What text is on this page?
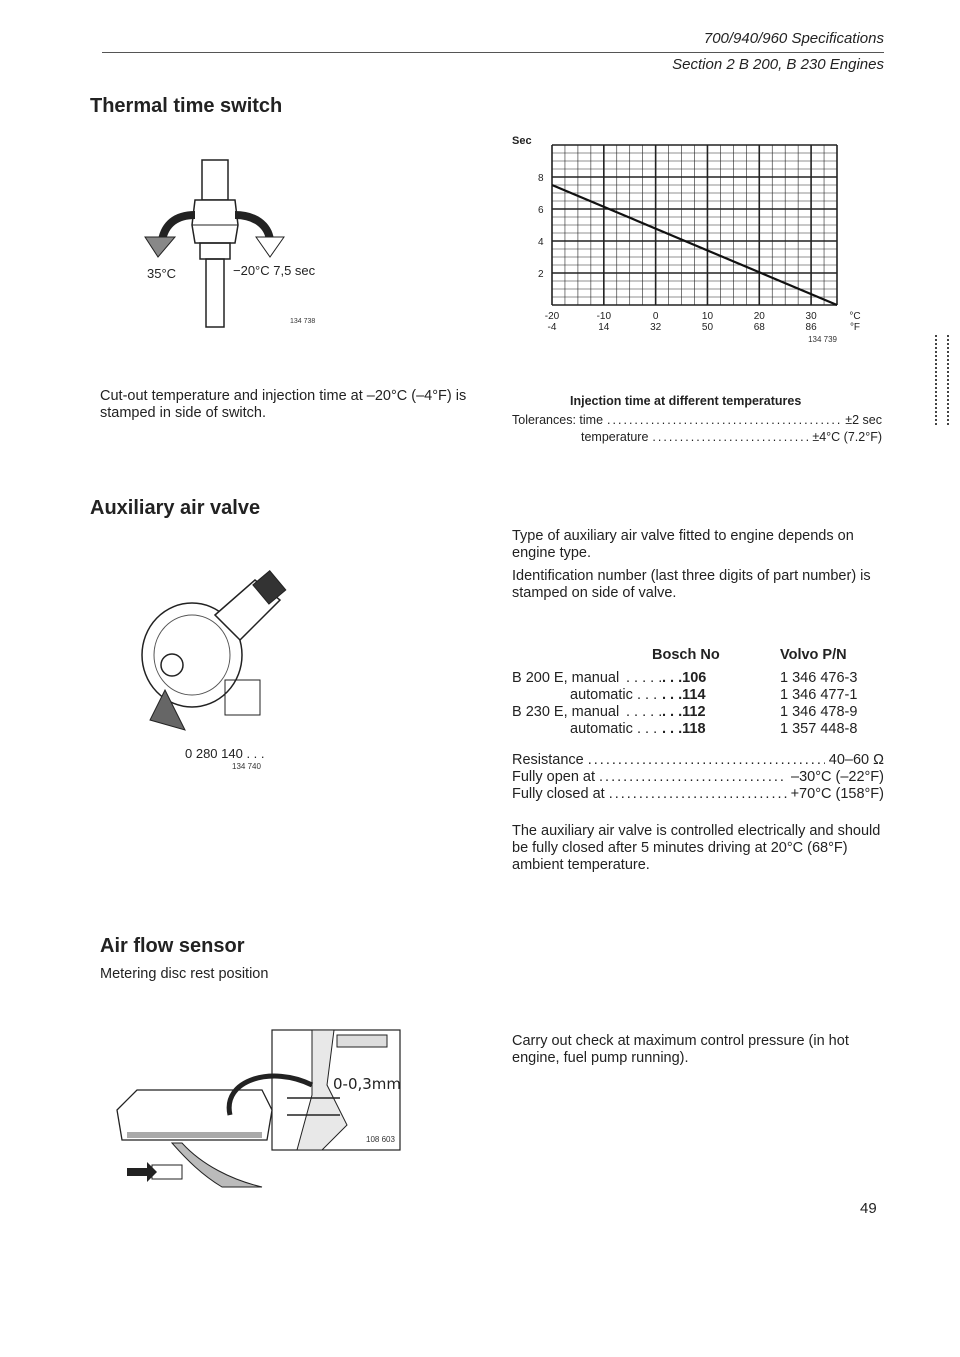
700/940/960 Specifications
Section 2 B 200, B 230 Engines
Thermal time switch
35°C	−20°C 7,5 sec
134 738
Cut-out temperature and injection time at –20°C (–4°F) is stamped in side of switch.
Sec
2
4
6
8
-20
-4
-10
14
0
32
10
50
20
68
30
86
°C
°F
134 739
Injection time at different temperatures
Tolerances: time .....	±2 sec
temperature .....	±4°C (7.2°F)
Auxiliary air valve
0 280 140 . . .
134 740
Type of auxiliary air valve fitted to engine depends on engine type.
Identification number (last three digits of part number) is stamped on side of valve.
Bosch No	Volvo P/N
B 200 E, manual . . . . . . . .106	1 346 476-3
automatic . . . . . .114	1 346 477-1
B 230 E, manual . . . . . . . .112	1 346 478-9
automatic . . . . . .118	1 357 448-8
Resistance .....	40–60 Ω
Fully open at .....	–30°C (–22°F)
Fully closed at .....	+70°C (158°F)
The auxiliary air valve is controlled electrically and should be fully closed after 5 minutes driving at 20°C (68°F) ambient temperature.
Air flow sensor
Metering disc rest position
0-0,3mm
108 603
Carry out check at maximum control pressure (in hot engine, fuel pump running).
49
